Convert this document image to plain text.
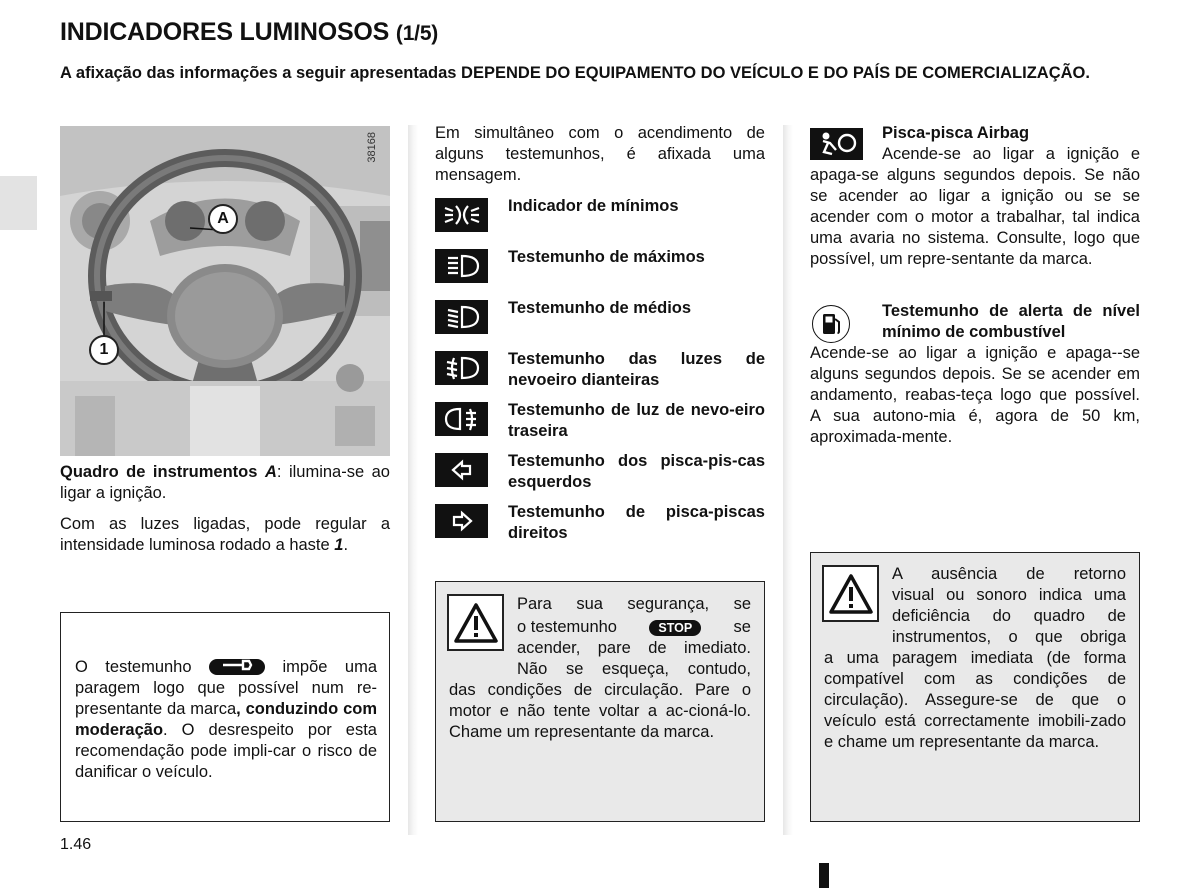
INDICADORES LUMINOSOS (1/5)
A afixação das informações a seguir apresentadas DEPENDE DO EQUIPAMENTO DO VEÍCULO E DO PAÍS DE COMERCIALIZAÇÃO.
38168
A
1
Quadro de instrumentos A: ilumina-se ao ligar a ignição.
Com as luzes ligadas, pode regular a intensidade luminosa rodado a haste 1.
O testemunho	impõe uma paragem logo que possível num re-presentante da marca, conduzindo com moderação. O desrespeito por esta recomendação pode impli-car o risco de danificar o veículo.
Em simultâneo com o acendimento de alguns testemunhos, é afixada uma mensagem.
Indicador de mínimos
Testemunho de máximos
Testemunho de médios
Testemunho das luzes de nevoeiro dianteiras
Testemunho de luz de nevo-eiro traseira
Testemunho dos pisca-pis-cas esquerdos
Testemunho de pisca-piscas direitos
Para sua segurança, se
o testemunho	STOP	se
acender, pare de imediato.
Não se esqueça, contudo,
das condições de circulação. Pare o motor e não tente voltar a ac-cioná-lo. Chame um representante da marca.
Pisca-pisca Airbag
Acende-se ao ligar a ignição e
apaga-se alguns segundos depois. Se não se acender ao ligar a ignição ou se se acender com o motor a trabalhar, tal indica uma avaria no sistema. Consulte, logo que possível, um repre-sentante da marca.
Testemunho de alerta de nível mínimo de combustível
Acende-se ao ligar a ignição e apaga--se alguns segundos depois. Se se acender em andamento, reabas-teça logo que possível. A sua autono-mia é, agora de 50 km, aproximada-mente.
A ausência de retorno
visual ou sonoro indica uma
deficiência do quadro de
instrumentos, o que obriga
a uma paragem imediata (de forma compatível com as condições de circulação). Assegure-se de que o veículo está correctamente imobili-zado e chame um representante da marca.
1.46
